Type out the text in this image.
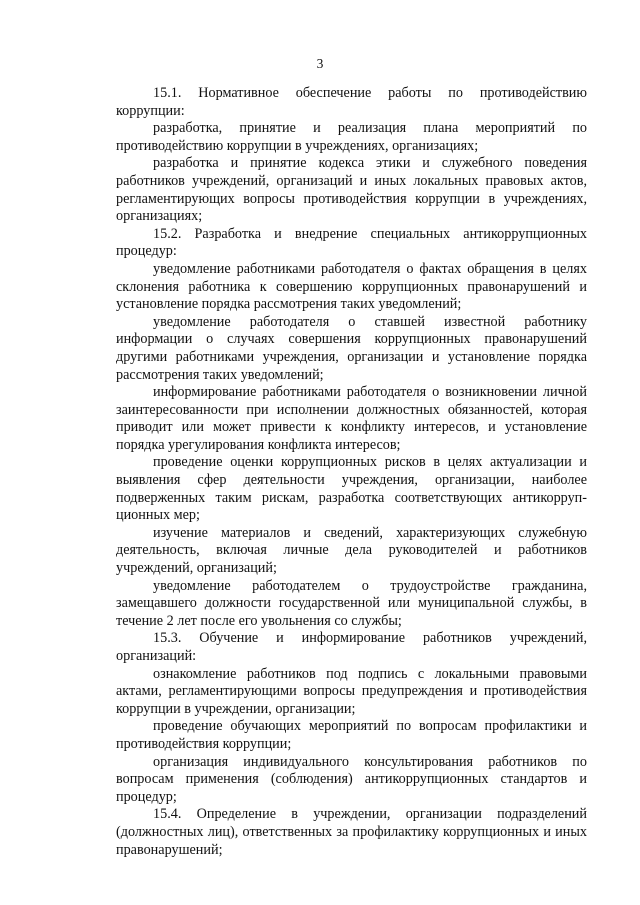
3

15.1. Нормативное обеспечение работы по противодействию коррупции:

разработка, принятие и реализация плана мероприятий по противодействию коррупции в учреждениях, организациях;

разработка и принятие кодекса этики и служебного поведения работников учреждений, организаций и иных локальных правовых актов, регламентирующих вопросы противодействия коррупции в учреждениях, организациях;

15.2. Разработка и внедрение специальных антикоррупционных процедур:

уведомление работниками работодателя о фактах обращения в целях склонения работника к совершению коррупционных правонарушений и установление порядка рассмотрения таких уведомлений;

уведомление работодателя о ставшей известной работнику информации о случаях совершения коррупционных правонарушений другими работниками учреждения, организации и установление порядка рассмотрения таких уведомлений;

информирование работниками работодателя о возникновении личной заинтересованности при исполнении должностных обязанностей, которая приводит или может привести к конфликту интересов, и установление порядка урегулирования конфликта интересов;

проведение оценки коррупционных рисков в целях актуализации и выявления сфер деятельности учреждения, организации, наиболее подверженных таким рискам, разработка соответствующих антикорруп-ционных мер;

изучение материалов и сведений, характеризующих служебную деятельность, включая личные дела руководителей и работников учреждений, организаций;

уведомление работодателем о трудоустройстве гражданина, замещавшего должности государственной или муниципальной службы, в течение 2 лет после его увольнения со службы;

15.3. Обучение и информирование работников учреждений, организаций:

ознакомление работников под подпись с локальными правовыми актами, регламентирующими вопросы предупреждения и противодействия коррупции в учреждении, организации;

проведение обучающих мероприятий по вопросам профилактики и противодействия коррупции;

организация индивидуального консультирования работников по вопросам применения (соблюдения) антикоррупционных стандартов и процедур;

15.4. Определение в учреждении, организации подразделений (должностных лиц), ответственных за профилактику коррупционных и иных правонарушений;
